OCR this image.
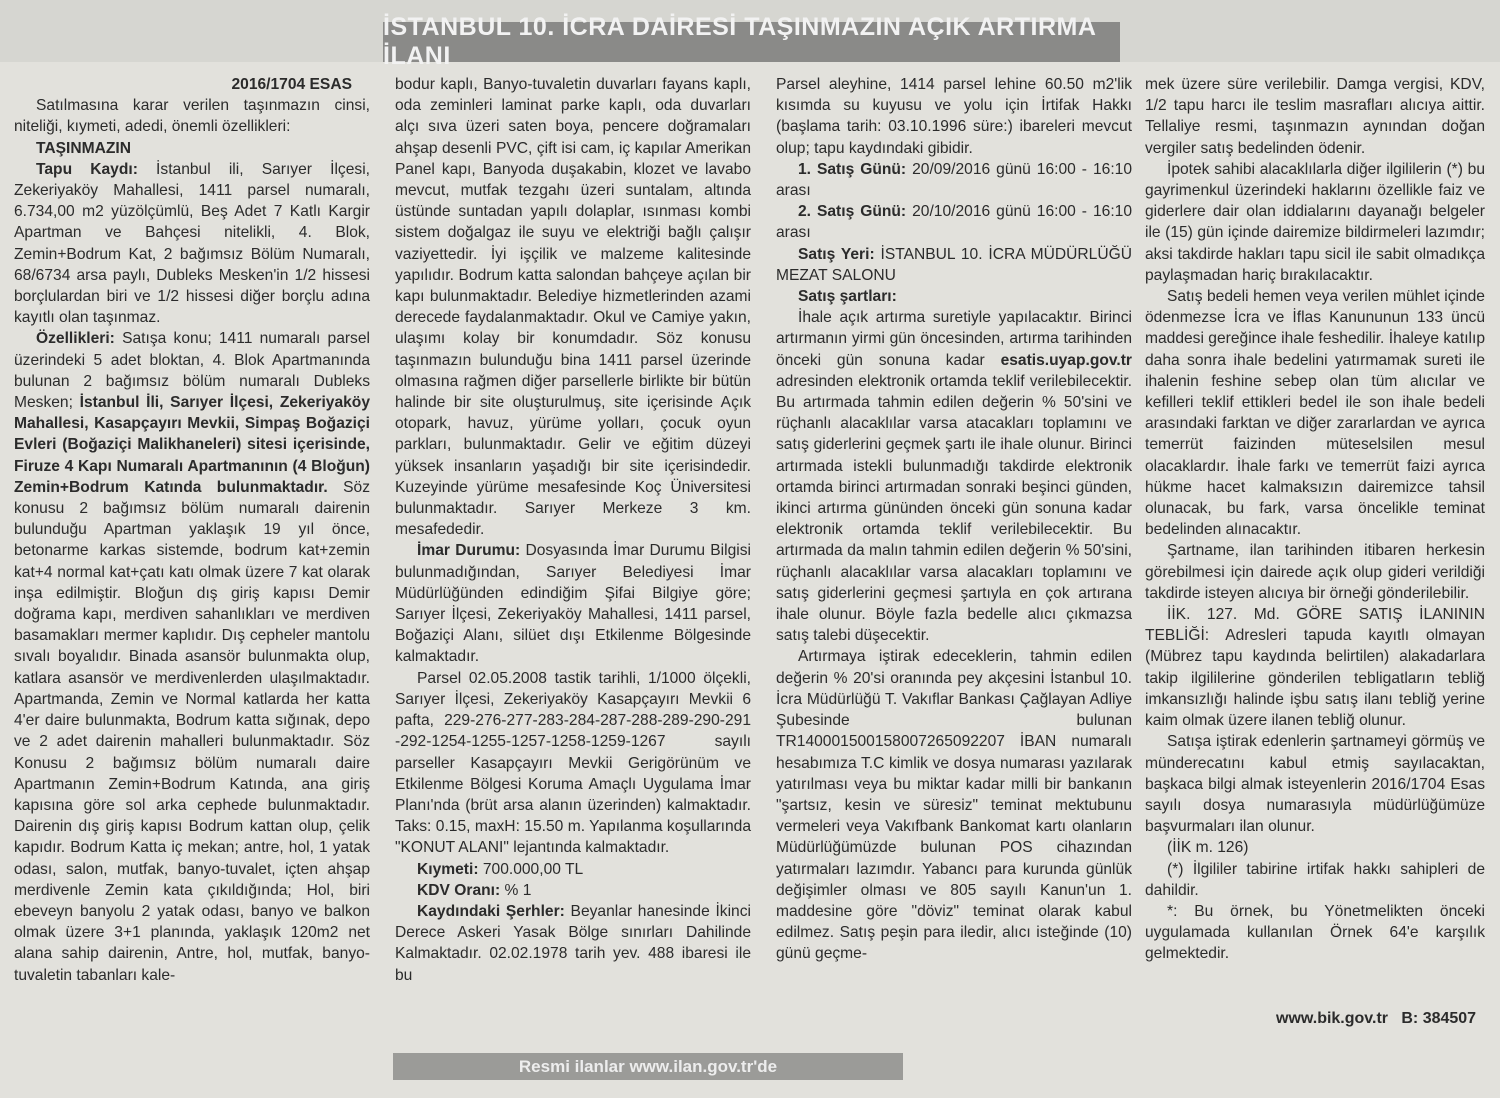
İSTANBUL 10. İCRA DAİRESİ TAŞINMAZIN AÇIK ARTIRMA İLANI
2016/1704 ESAS

Satılmasına karar verilen taşınmazın cinsi, niteliği, kıymeti, adedi, önemli özellikleri:

TAŞINMAZIN

Tapu Kaydı: İstanbul ili, Sarıyer İlçesi, Zekeriyaköy Mahallesi, 1411 parsel numaralı, 6.734,00 m2 yüzölçümlü, Beş Adet 7 Katlı Kargir Apartman ve Bahçesi nitelikli, 4. Blok, Zemin+Bodrum Kat, 2 bağımsız Bölüm Numaralı, 68/6734 arsa paylı, Dubleks Mesken'in 1/2 hissesi borçlulardan biri ve 1/2 hissesi diğer borçlu adına kayıtlı olan taşınmaz.

Özellikleri: Satışa konu; 1411 numaralı parsel üzerindeki 5 adet bloktan, 4. Blok Apartmanında bulunan 2 bağımsız bölüm numaralı Dubleks Mesken; İstanbul İli, Sarıyer İlçesi, Zekeriyaköy Mahallesi, Kasapçayırı Mevkii, Simpaş Boğaziçi Evleri (Boğaziçi Malikhaneleri) sitesi içerisinde, Firuze 4 Kapı Numaralı Apartmanının (4 Bloğun) Zemin+Bodrum Katında bulunmaktadır. Söz konusu 2 bağımsız bölüm numaralı dairenin bulunduğu Apartman yaklaşık 19 yıl önce, betonarme karkas sistemde, bodrum kat+zemin kat+4 normal kat+çatı katı olmak üzere 7 kat olarak inşa edilmiştir. Bloğun dış giriş kapısı Demir doğrama kapı, merdiven sahanlıkları ve merdiven basamakları mermer kaplıdır. Dış cepheler mantolu sıvalı boyalıdır. Binada asansör bulunmakta olup, katlara asansör ve merdivenlerden ulaşılmaktadır. Apartmanda, Zemin ve Normal katlarda her katta 4'er daire bulunmakta, Bodrum katta sığınak, depo ve 2 adet dairenin mahalleri bulunmaktadır. Söz Konusu 2 bağımsız bölüm numaralı daire Apartmanın Zemin+Bodrum Katında, ana giriş kapısına göre sol arka cephede bulunmaktadır. Dairenin dış giriş kapısı Bodrum kattan olup, çelik kapıdır. Bodrum Katta iç mekan; antre, hol, 1 yatak odası, salon, mutfak, banyo-tuvalet, içten ahşap merdivenle Zemin kata çıkıldığında; Hol, biri ebeveyn banyolu 2 yatak odası, banyo ve balkon olmak üzere 3+1 planında, yaklaşık 120m2 net alana sahip dairenin, Antre, hol, mutfak, banyo-tuvaletin tabanları kale-

bodur kaplı, Banyo-tuvaletin duvarları fayans kaplı, oda zeminleri laminat parke kaplı, oda duvarları alçı sıva üzeri saten boya, pencere doğramaları ahşap desenli PVC, çift isi cam, iç kapılar Amerikan Panel kapı, Banyoda duşakabin, klozet ve lavabo mevcut, mutfak tezgahı üzeri suntalam, altında üstünde suntadan yapılı dolaplar, ısınması kombi sistem doğalgaz ile suyu ve elektriği bağlı çalışır vaziyettedir. İyi işçilik ve malzeme kalitesinde yapılıdır. Bodrum katta salondan bahçeye açılan bir kapı bulunmaktadır. Belediye hizmetlerinden azami derecede faydalanmaktadır. Okul ve Camiye yakın, ulaşımı kolay bir konumdadır. Söz konusu taşınmazın bulunduğu bina 1411 parsel üzerinde olmasına rağmen diğer parsellerle birlikte bir bütün halinde bir site oluşturulmuş, site içerisinde Açık otopark, havuz, yürüme yolları, çocuk oyun parkları, bulunmaktadır. Gelir ve eğitim düzeyi yüksek insanların yaşadığı bir site içerisindedir. Kuzeyinde yürüme mesafesinde Koç Üniversitesi bulunmaktadır. Sarıyer Merkeze 3 km. mesafededir.

İmar Durumu: Dosyasında İmar Durumu Bilgisi bulunmadığından, Sarıyer Belediyesi İmar Müdürlüğünden edindiğim Şifai Bilgiye göre; Sarıyer İlçesi, Zekeriyaköy Mahallesi, 1411 parsel, Boğaziçi Alanı, silüet dışı Etkilenme Bölgesinde kalmaktadır.

Parsel 02.05.2008 tastik tarihli, 1/1000 ölçekli, Sarıyer İlçesi, Zekeriyaköy Kasapçayırı Mevkii 6 pafta, 229-276-277-283-284-287-288-289-290-291 -292-1254-1255-1257-1258-1259-1267 sayılı parseller Kasapçayırı Mevkii Gerigörünüm ve Etkilenme Bölgesi Koruma Amaçlı Uygulama İmar Planı'nda (brüt arsa alanın üzerinden) kalmaktadır. Taks: 0.15, maxH: 15.50 m. Yapılanma koşullarında "KONUT ALANI" lejantında kalmaktadır.

Kıymeti: 700.000,00 TL

KDV Oranı: % 1

Kaydındaki Şerhler: Beyanlar hanesinde İkinci Derece Askeri Yasak Bölge sınırları Dahilinde Kalmaktadır. 02.02.1978 tarih yev. 488 ibaresi ile bu

Parsel aleyhine, 1414 parsel lehine 60.50 m2'lik kısımda su kuyusu ve yolu için İrtifak Hakkı (başlama tarih: 03.10.1996 süre:) ibareleri mevcut olup; tapu kaydındaki gibidir.

1. Satış Günü: 20/09/2016 günü 16:00 - 16:10 arası

2. Satış Günü: 20/10/2016 günü 16:00 - 16:10 arası

Satış Yeri: İSTANBUL 10. İCRA MÜDÜRLÜĞÜ MEZAT SALONU

Satış şartları:

İhale açık artırma suretiyle yapılacaktır. Birinci artırmanın yirmi gün öncesinden, artırma tarihinden önceki gün sonuna kadar esatis.uyap.gov.tr adresinden elektronik ortamda teklif verilebilecektir. Bu artırmada tahmin edilen değerin % 50'sini ve rüçhanlı alacaklılar varsa atacakları toplamını ve satış giderlerini geçmek şartı ile ihale olunur. Birinci artırmada istekli bulunmadığı takdirde elektronik ortamda birinci artırmadan sonraki beşinci günden, ikinci artırma gününden önceki gün sonuna kadar elektronik ortamda teklif verilebilecektir. Bu artırmada da malın tahmin edilen değerin % 50'sini, rüçhanlı alacaklılar varsa alacakları toplamını ve satış giderlerini geçmesi şartıyla en çok artırana ihale olunur. Böyle fazla bedelle alıcı çıkmazsa satış talebi düşecektir.

Artırmaya iştirak edeceklerin, tahmin edilen değerin % 20'si oranında pey akçesini İstanbul 10. İcra Müdürlüğü T. Vakıflar Bankası Çağlayan Adliye Şubesinde bulunan TR140001500158007265092207 İBAN numaralı hesabımıza T.C kimlik ve dosya numarası yazılarak yatırılması veya bu miktar kadar milli bir bankanın "şartsız, kesin ve süresiz" teminat mektubunu vermeleri veya Vakıfbank Bankomat kartı olanların Müdürlüğümüzde bulunan POS cihazından yatırmaları lazımdır. Yabancı para kurunda günlük değişimler olması ve 805 sayılı Kanun'un 1. maddesine göre "döviz" teminat olarak kabul edilmez. Satış peşin para iledir, alıcı isteğinde (10) günü geçme-

mek üzere süre verilebilir. Damga vergisi, KDV, 1/2 tapu harcı ile teslim masrafları alıcıya aittir. Tellaliye resmi, taşınmazın aynından doğan vergiler satış bedelinden ödenir.

İpotek sahibi alacaklılarla diğer ilgililerin (*) bu gayrimenkul üzerindeki haklarını özellikle faiz ve giderlere dair olan iddialarını dayanağı belgeler ile (15) gün içinde dairemize bildirmeleri lazımdır; aksi takdirde hakları tapu sicil ile sabit olmadıkça paylaşmadan hariç bırakılacaktır.

Satış bedeli hemen veya verilen mühlet içinde ödenmezse İcra ve İflas Kanununun 133 üncü maddesi gereğince ihale feshedilir. İhaleye katılıp daha sonra ihale bedelini yatırmamak sureti ile ihalenin feshine sebep olan tüm alıcılar ve kefilleri teklif ettikleri bedel ile son ihale bedeli arasındaki farktan ve diğer zararlardan ve ayrıca temerrüt faizinden müteselsilen mesul olacaklardır. İhale farkı ve temerrüt faizi ayrıca hükme hacet kalmaksızın dairemizce tahsil olunacak, bu fark, varsa öncelikle teminat bedelinden alınacaktır.

Şartname, ilan tarihinden itibaren herkesin görebilmesi için dairede açık olup gideri verildiği takdirde isteyen alıcıya bir örneği gönderilebilir.

İİK. 127. Md. GÖRE SATIŞ İLANININ TEBLİĞİ: Adresleri tapuda kayıtlı olmayan (Mübrez tapu kaydında belirtilen) alakadarlara takip ilgililerine gönderilen tebligatların tebliğ imkansızlığı halinde işbu satış ilanı tebliğ yerine kaim olmak üzere ilanen tebliğ olunur.

Satışa iştirak edenlerin şartnameyi görmüş ve münderecatını kabul etmiş sayılacaktan, başkaca bilgi almak isteyenlerin 2016/1704 Esas sayılı dosya numarasıyla müdürlüğümüze başvurmaları ilan olunur.

(İİK m. 126)

(*) İlgililer tabirine irtifak hakkı sahipleri de dahildir.

*: Bu örnek, bu Yönetmelikten önceki uygulamada kullanılan Örnek 64'e karşılık gelmektedir.

www.bik.gov.tr B: 384507
Resmi ilanlar www.ilan.gov.tr'de
